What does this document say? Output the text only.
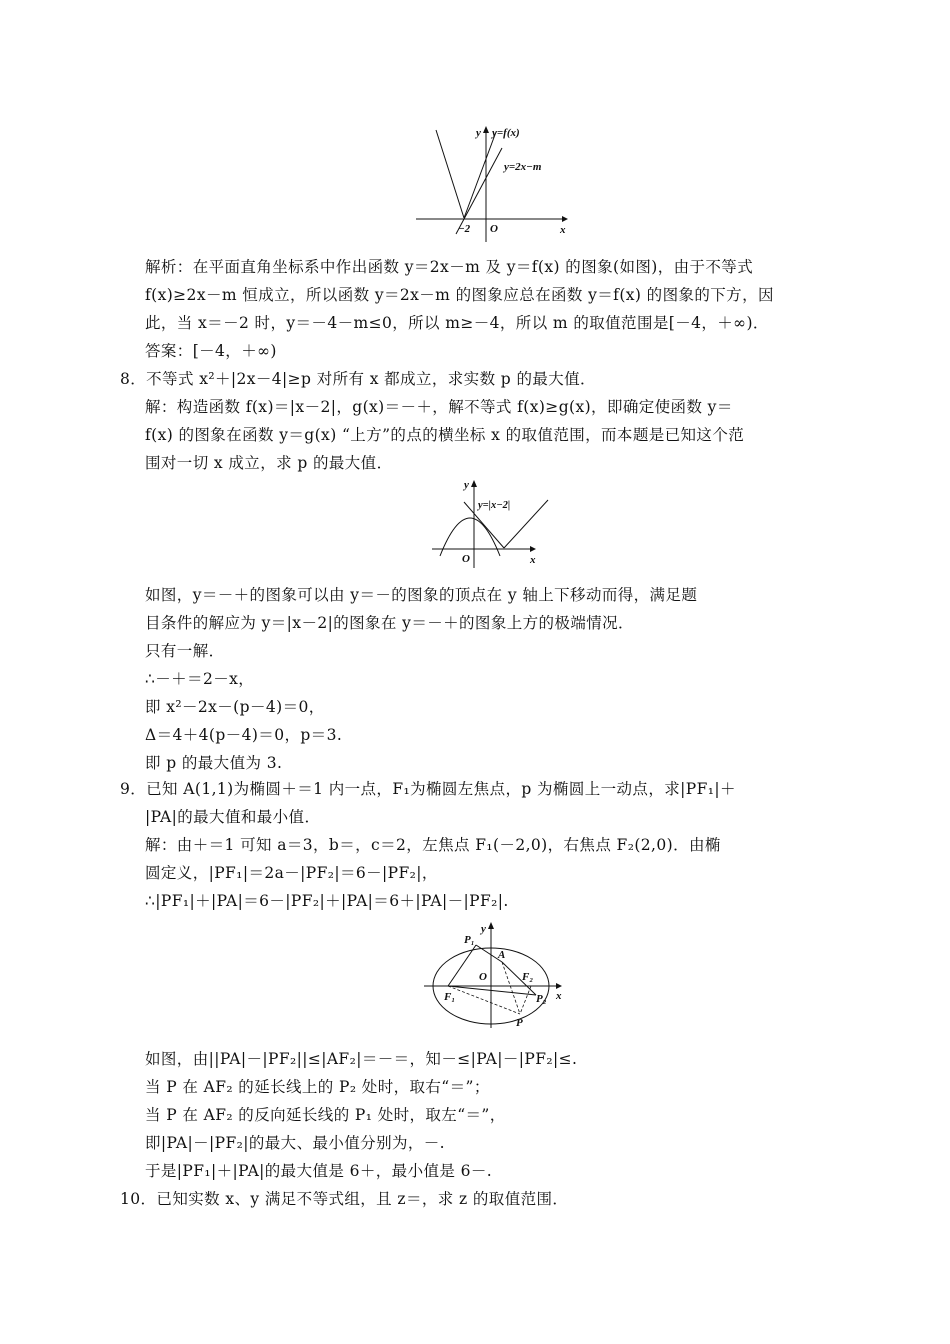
y y=f(x)
y=2x−m
x
O
−2
解析：在平面直角坐标系中作出函数 y＝2x－m 及 y＝f(x) 的图象(如图)，由于不等式
f(x)≥2x－m 恒成立，所以函数 y＝2x－m 的图象应总在函数 y＝f(x) 的图象的下方，因
此，当 x＝－2 时，y＝－4－m≤0，所以 m≥－4，所以 m 的取值范围是[－4，＋∞)．
答案：[－4，＋∞)
8．不等式 x²＋|2x－4|≥p 对所有 x 都成立，求实数 p 的最大值．
解：构造函数 f(x)＝|x－2|，g(x)＝－＋，解不等式 f(x)≥g(x)，即确定使函数 y＝
f(x) 的图象在函数 y＝g(x) “上方”的点的横坐标 x 的取值范围，而本题是已知这个范
围对一切 x 成立，求 p 的最大值．
y
y=|x−2|
x
O
如图，y＝－＋的图象可以由 y＝－的图象的顶点在 y 轴上下移动而得，满足题
目条件的解应为 y＝|x－2|的图象在 y＝－＋的图象上方的极端情况．
只有一解．
∴－＋＝2－x，
即 x²－2x－(p－4)＝0，
Δ＝4＋4(p－4)＝0，p＝3.
即 p 的最大值为 3.
9．已知 A(1,1)为椭圆＋＝1 内一点，F₁为椭圆左焦点，p 为椭圆上一动点，求|PF₁|＋
|PA|的最大值和最小值．
解：由＋＝1 可知 a＝3，b＝，c＝2，左焦点 F₁(－2,0)，右焦点 F₂(2,0)．由椭
圆定义，|PF₁|＝2a－|PF₂|＝6－|PF₂|，
∴|PF₁|＋|PA|＝6－|PF₂|＋|PA|＝6＋|PA|－|PF₂|.
y
x
O
A
P₁
F₁
F₂
P₂
P
如图，由||PA|－|PF₂||≤|AF₂|＝－＝，知－≤|PA|－|PF₂|≤.
当 P 在 AF₂ 的延长线上的 P₂ 处时，取右“＝”；
当 P 在 AF₂ 的反向延长线的 P₁ 处时，取左“＝”，
即|PA|－|PF₂|的最大、最小值分别为，－.
于是|PF₁|＋|PA|的最大值是 6＋，最小值是 6－.
10．已知实数 x、y 满足不等式组，且 z＝，求 z 的取值范围．
